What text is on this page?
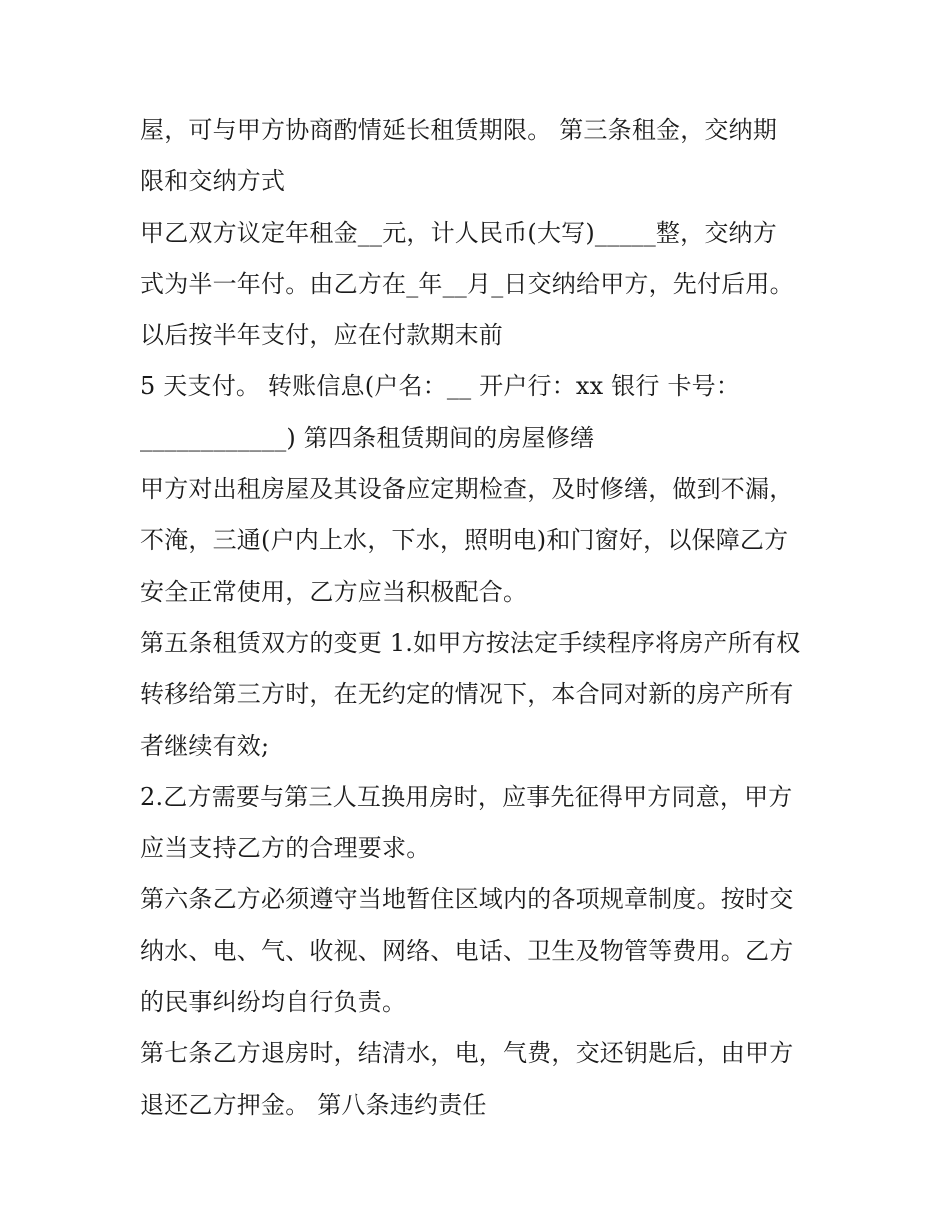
屋，可与甲方协商酌情延长租赁期限。 第三条租金，交纳期
限和交纳方式
甲乙双方议定年租金__元，计人民币(大写)_____整，交纳方
式为半一年付。由乙方在_年__月_日交纳给甲方，先付后用。
以后按半年支付，应在付款期末前
5 天支付。 转账信息(户名：__ 开户行：xx 银行 卡号：
____________) 第四条租赁期间的房屋修缮
甲方对出租房屋及其设备应定期检查，及时修缮，做到不漏，
不淹，三通(户内上水，下水，照明电)和门窗好，以保障乙方
安全正常使用，乙方应当积极配合。
第五条租赁双方的变更 1.如甲方按法定手续程序将房产所有权
转移给第三方时，在无约定的情况下，本合同对新的房产所有
者继续有效;
2.乙方需要与第三人互换用房时，应事先征得甲方同意，甲方
应当支持乙方的合理要求。
第六条乙方必须遵守当地暂住区域内的各项规章制度。按时交
纳水、电、气、收视、网络、电话、卫生及物管等费用。乙方
的民事纠纷均自行负责。
第七条乙方退房时，结清水，电，气费，交还钥匙后，由甲方
退还乙方押金。 第八条违约责任
